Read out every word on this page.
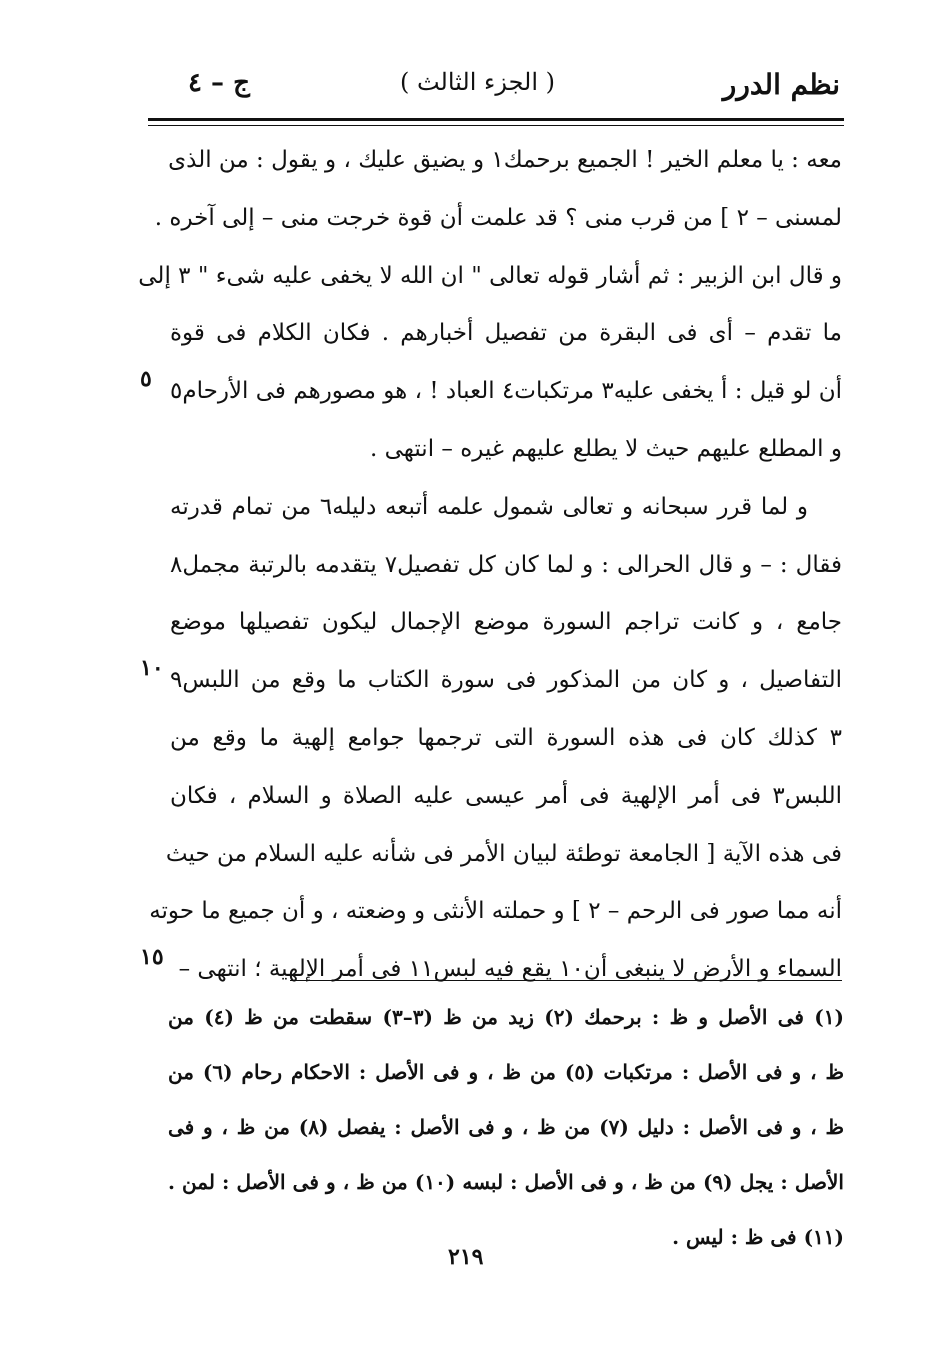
نظم الدرر
( الجزء الثالث )
ج – ٤
معه : يا معلم الخير ! الجميع برحمك١ و يضيق عليك ، و يقول : من الذى
لمسنى – ٢ ] من قرب منى ؟ قد علمت أن قوة خرجت منى – إلى آخره .
و قال ابن الزبير : ثم أشار قوله تعالى " ان الله لا يخفى عليه شىء " ٣ إلى
ما تقدم – أى فى البقرة من تفصيل أخبارهم . فكان الكلام فى قوة
أن لو قيل : أ يخفى عليه٣ مرتكبات٤ العباد ! ، هو مصورهم فى الأرحام٥
و المطلع عليهم حيث لا يطلع عليهم غيره – انتهى .
و لما قرر سبحانه و تعالى شمول علمه أتبعه دليله٦ من تمام قدرته
فقال : – و قال الحرالى : و لما كان كل تفصيل٧ يتقدمه بالرتبة مجمل٨
جامع ، و كانت تراجم السورة موضع الإجمال ليكون تفصيلها موضع
التفاصيل ، و كان من المذكور فى سورة الكتاب ما وقع من اللبس٩
٣ كذلك كان فى هذه السورة التى ترجمها جوامع إلهية ما وقع من
اللبس٣ فى أمر الإلهية فى أمر عيسى عليه الصلاة و السلام ، فكان
فى هذه الآية [ الجامعة توطئة لبيان الأمر فى شأنه عليه السلام من حيث
أنه مما صور فى الرحم – ٢ ] و حملته الأنثى و وضعته ، و أن جميع ما حوته
السماء و الأرض لا ينبغى أن١٠ يقع فيه لبس١١ فى أمر الإلهية ؛ انتهى –
٥
١٠
١٥
(١) فى الأصل و ظ : برحمك (٢) زيد من ظ (٣–٣) سقطت من ظ (٤) من
ظ ، و فى الأصل : مرتكبات (٥) من ظ ، و فى الأصل : الاحكام رحام (٦) من
ظ ، و فى الأصل : دليل (٧) من ظ ، و فى الأصل : يفصل (٨) من ظ ، و فى
الأصل : يجل (٩) من ظ ، و فى الأصل : لبسه (١٠) من ظ ، و فى الأصل : لمن .
(١١) فى ظ : ليس .
٢١٩
